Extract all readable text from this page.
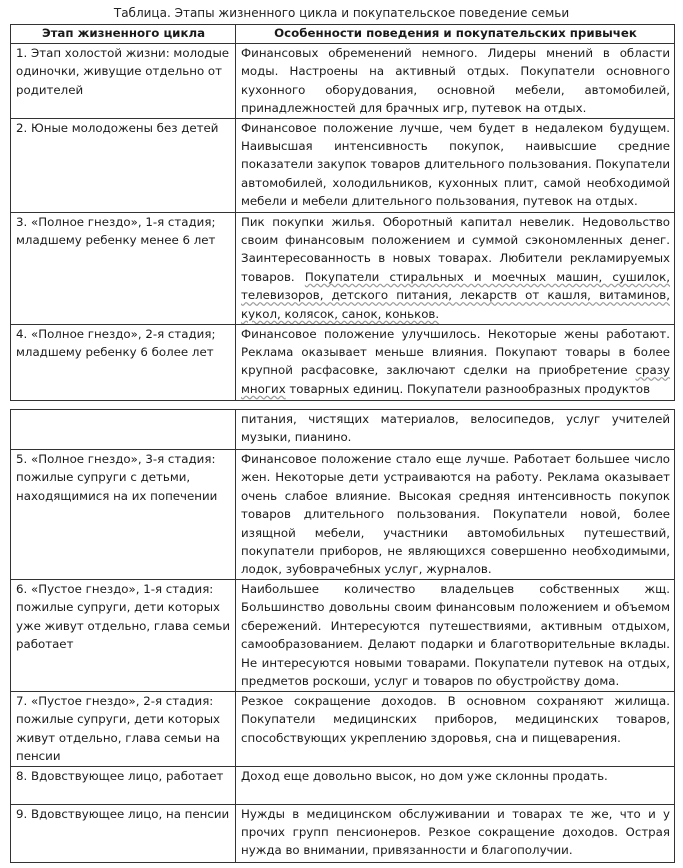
Таблица. Этапы жизненного цикла и покупательское поведение семьи
Этап жизненного цикла	Особенности поведения и покупательских привычек
1. Этап холостой жизни: молодые одиночки, живущие отдельно от родителей	Финансовых обременений немного. Лидеры мнений в области моды. Настроены на активный отдых. Покупатели основного кухонного оборудования, основной мебели, автомобилей, принадлежностей для брачных игр, путевок на отдых.
2. Юные молодожены без детей	Финансовое положение лучше, чем будет в недалеком будущем. Наивысшая интенсивность покупок, наивысшие средние показатели закупок товаров длительного пользования. Покупатели автомобилей, холодильников, кухонных плит, самой необходимой мебели и мебели длительного пользования, путевок на отдых.
3. «Полное гнездо», 1-я стадия; младшему ребенку менее 6 лет	Пик покупки жилья. Оборотный капитал невелик. Недовольство своим финансовым положением и суммой сэкономленных денег. Заинтересованность в новых товарах. Любители рекламируемых товаров. Покупатели стиральных и моечных машин, сушилок, телевизоров, детского питания, лекарств от кашля, витаминов, кукол, колясок, санок, коньков.
4. «Полное гнездо», 2-я стадия; младшему ребенку 6 более лет	Финансовое положение улучшилось. Некоторые жены работают. Реклама оказывает меньше влияния. Покупают товары в более крупной расфасовке, заключают сделки на приобретение сразу многих товарных единиц. Покупатели разнообразных продуктов
	питания, чистящих материалов, велосипедов, услуг учителей музыки, пианино.
5. «Полное гнездо», 3-я стадия: пожилые супруги с детьми, находящимися на их попечении	Финансовое положение стало еще лучше. Работает большее число жен. Некоторые дети устраиваются на работу. Реклама оказывает очень слабое влияние. Высокая средняя интенсивность покупок товаров длительного пользования. Покупатели новой, более изящной мебели, участники автомобильных путешествий, покупатели приборов, не являющихся совершенно необходимыми, лодок, зубоврачебных услуг, журналов.
6. «Пустое гнездо», 1-я стадия: пожилые супруги, дети которых уже живут отдельно, глава семьи работает	Наибольшее количество владельцев собственных жщ. Большинство довольны своим финансовым положением и объемом сбережений. Интересуются путешествиями, активным отдыхом, самообразованием. Делают подарки и благотворительные вклады. Не интересуются новыми товарами. Покупатели путевок на отдых, предметов роскоши, услуг и товаров по обустройству дома.
7. «Пустое гнездо», 2-я стадия: пожилые супруги, дети которых живут отдельно, глава семьи на пенсии	Резкое сокращение доходов. В основном сохраняют жилища. Покупатели медицинских приборов, медицинских товаров, способствующих укреплению здоровья, сна и пищеварения.
8. Вдовствующее лицо, работает	Доход еще довольно высок, но дом уже склонны продать.
9. Вдовствующее лицо, на пенсии	Нужды в медицинском обслуживании и товарах те же, что и у прочих групп пенсионеров. Резкое сокращение доходов. Острая нужда во внимании, привязанности и благополучии.
